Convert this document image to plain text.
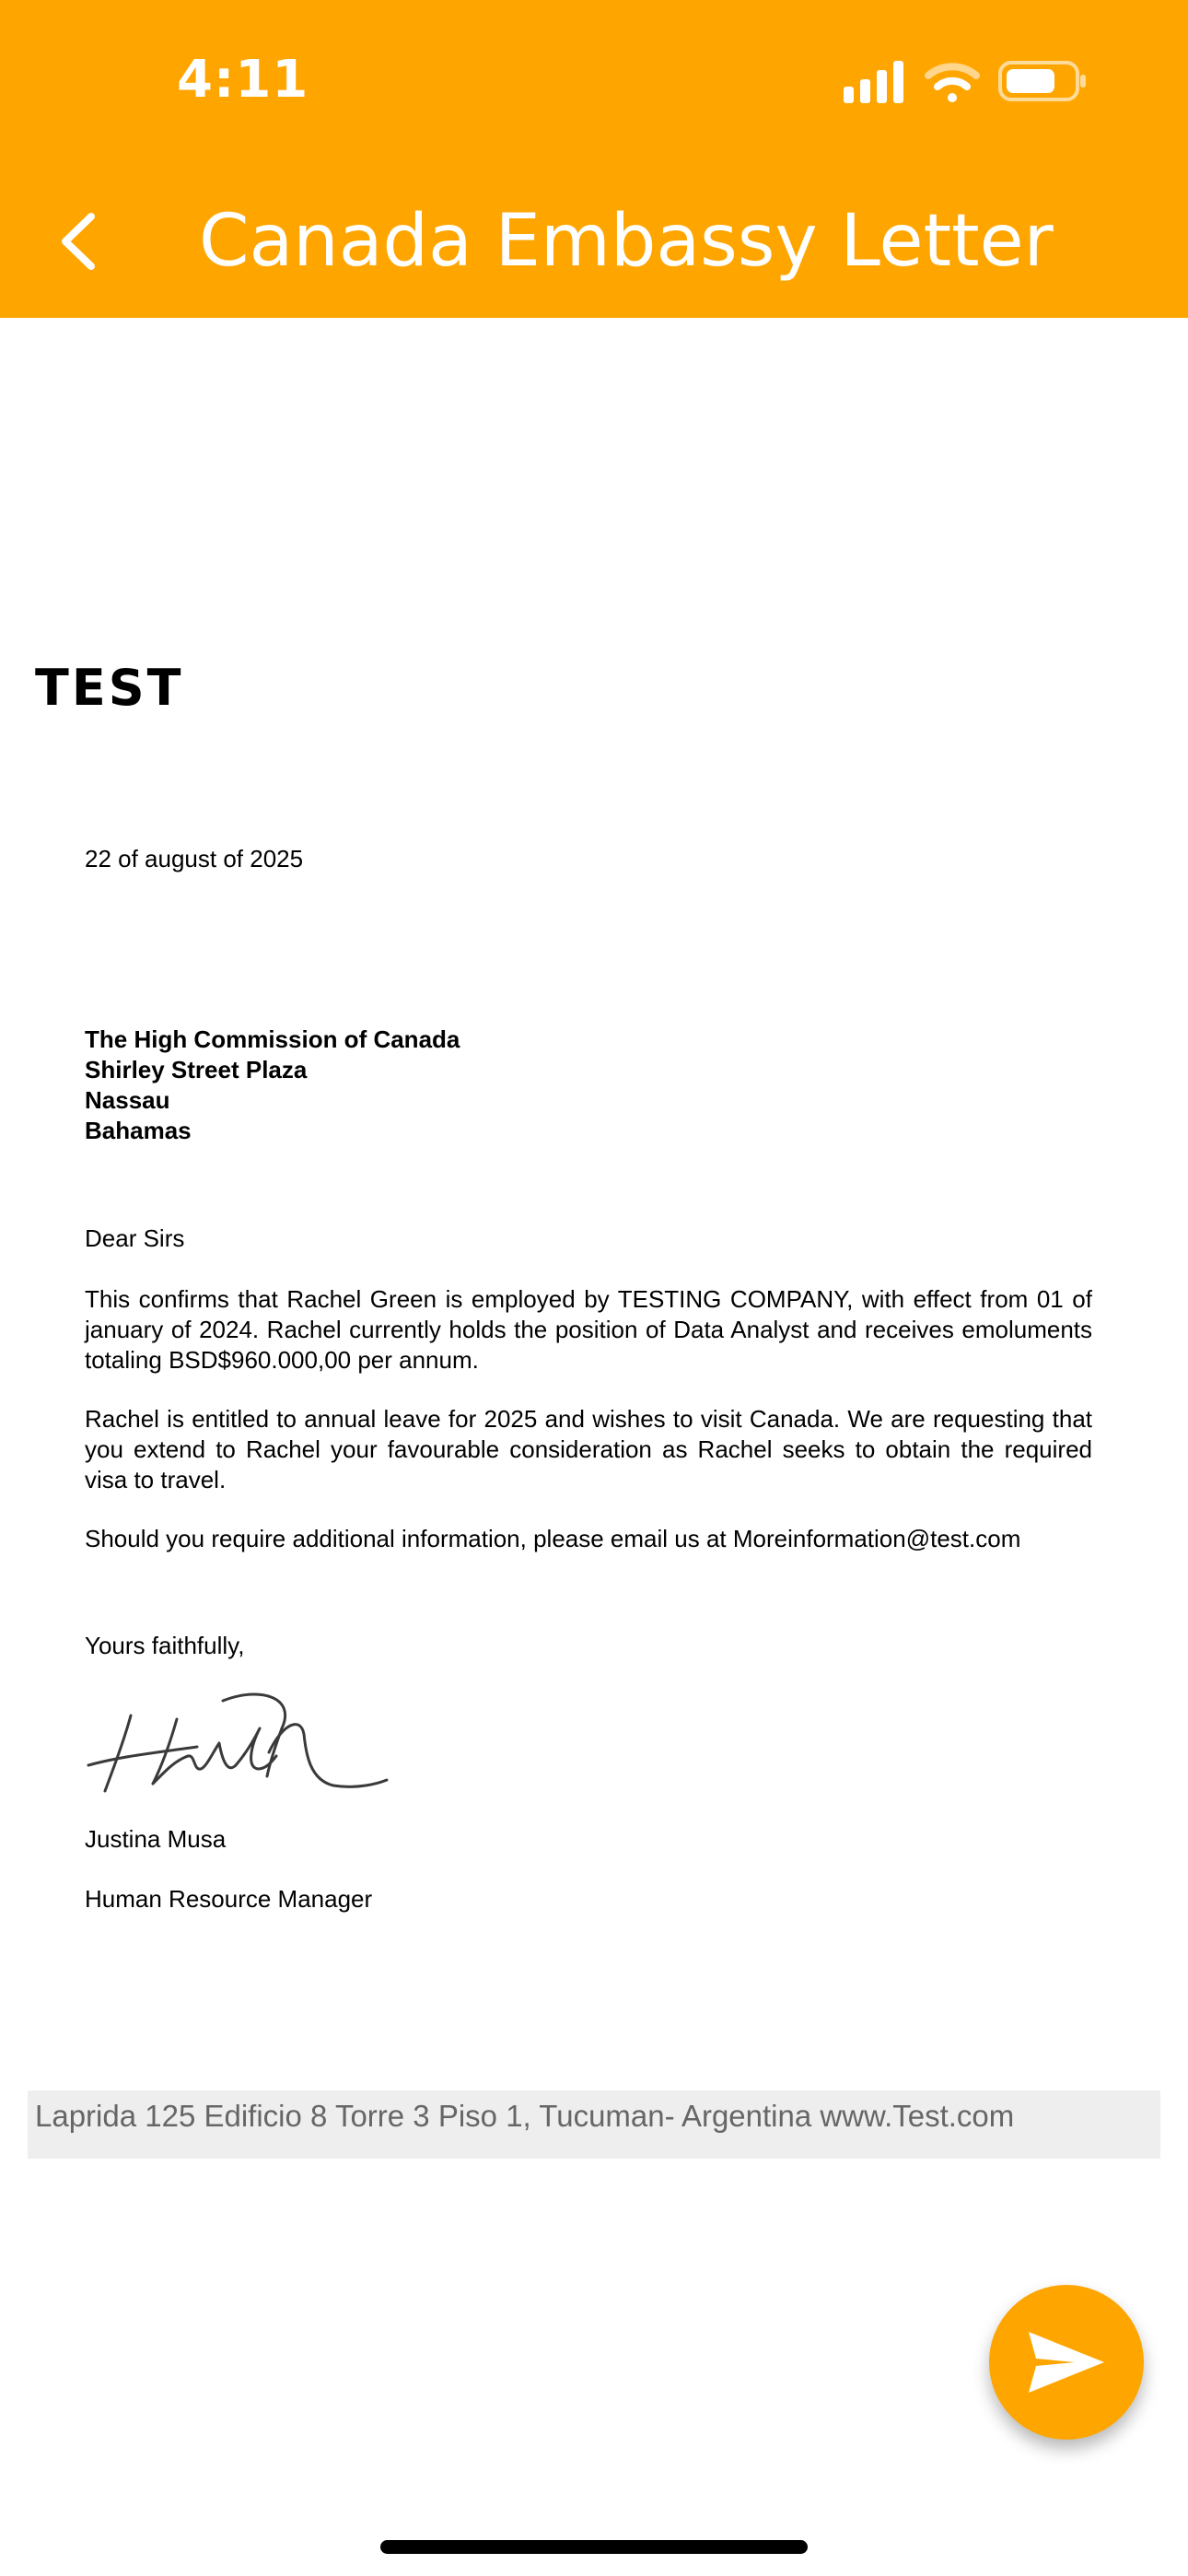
4:11
Canada Embassy Letter
TEST
22 of august of 2025
The High Commission of Canada
Shirley Street Plaza
Nassau
Bahamas
Dear Sirs
This confirms that Rachel Green is employed by TESTING COMPANY, with effect from 01 of january of 2024. Rachel currently holds the position of Data Analyst and receives emoluments totaling BSD$960.000,00 per annum.
Rachel is entitled to annual leave for 2025 and wishes to visit Canada. We are requesting that you extend to Rachel your favourable consideration as Rachel seeks to obtain the required visa to travel.
Should you require additional information, please email us at Moreinformation@test.com
Yours faithfully,
Justina Musa
Human Resource Manager
Laprida 125 Edificio 8 Torre 3 Piso 1, Tucuman- Argentina www.Test.com
